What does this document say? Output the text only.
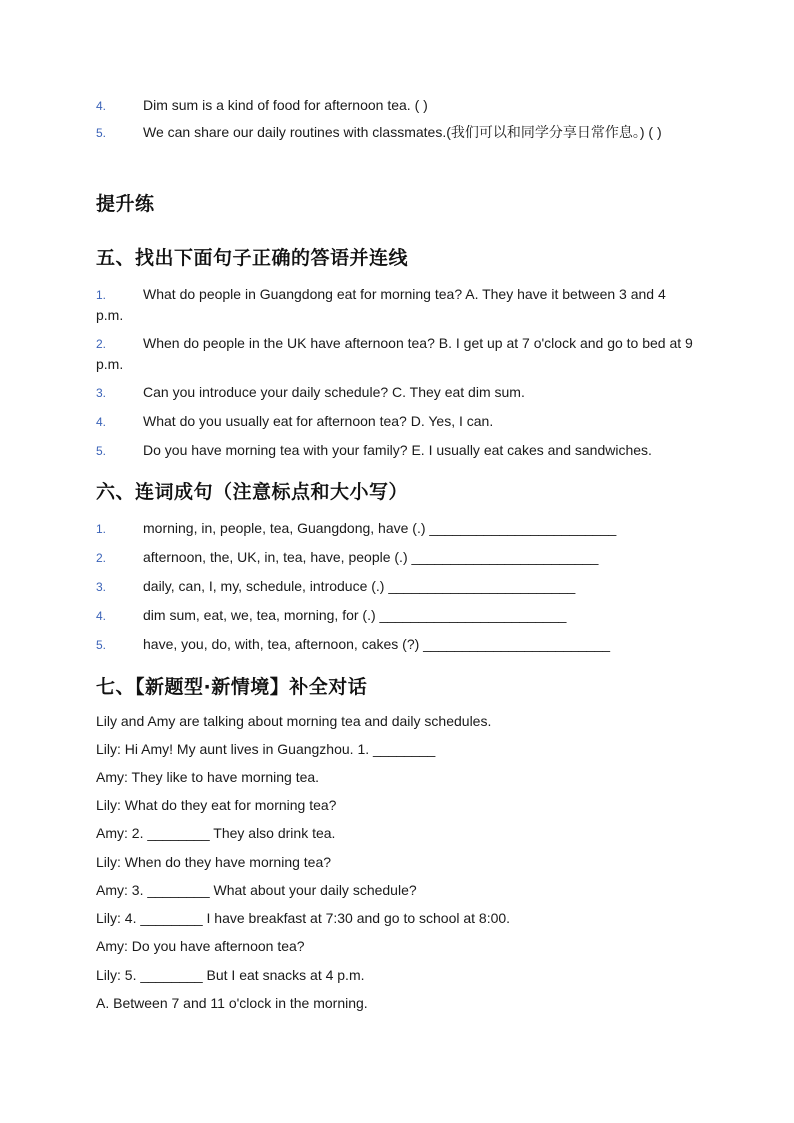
4.	Dim sum is a kind of food for afternoon tea. ( )

5.	We can share our daily routines with classmates.(我们可以和同学分享日常作息。) ( )

提升练
五、找出下面句子正确的答语并连线

1.	What do people in Guangdong eat for morning tea? A. They have it between 3 and 4 p.m.

2.	When do people in the UK have afternoon tea? B. I get up at 7 o'clock and go to bed at 9 p.m.

3.	Can you introduce your daily schedule? C. They eat dim sum.

4.	What do you usually eat for afternoon tea? D. Yes, I can.

5.	Do you have morning tea with your family? E. I usually eat cakes and sandwiches.

六、连词成句（注意标点和大小写）

1.	morning, in, people, tea, Guangdong, have (.) ________________________

2.	afternoon, the, UK, in, tea, have, people (.) ________________________

3.	daily, can, I, my, schedule, introduce (.) ________________________

4.	dim sum, eat, we, tea, morning, for (.) ________________________

5.	have, you, do, with, tea, afternoon, cakes (?) ________________________

七、【新题型·新情境】补全对话

Lily and Amy are talking about morning tea and daily schedules.

Lily: Hi Amy! My aunt lives in Guangzhou. 1. ________

Amy: They like to have morning tea.

Lily: What do they eat for morning tea?

Amy: 2. ________ They also drink tea.

Lily: When do they have morning tea?

Amy: 3. ________ What about your daily schedule?

Lily: 4. ________ I have breakfast at 7:30 and go to school at 8:00.

Amy: Do you have afternoon tea?

Lily: 5. ________ But I eat snacks at 4 p.m.

A. Between 7 and 11 o'clock in the morning.
